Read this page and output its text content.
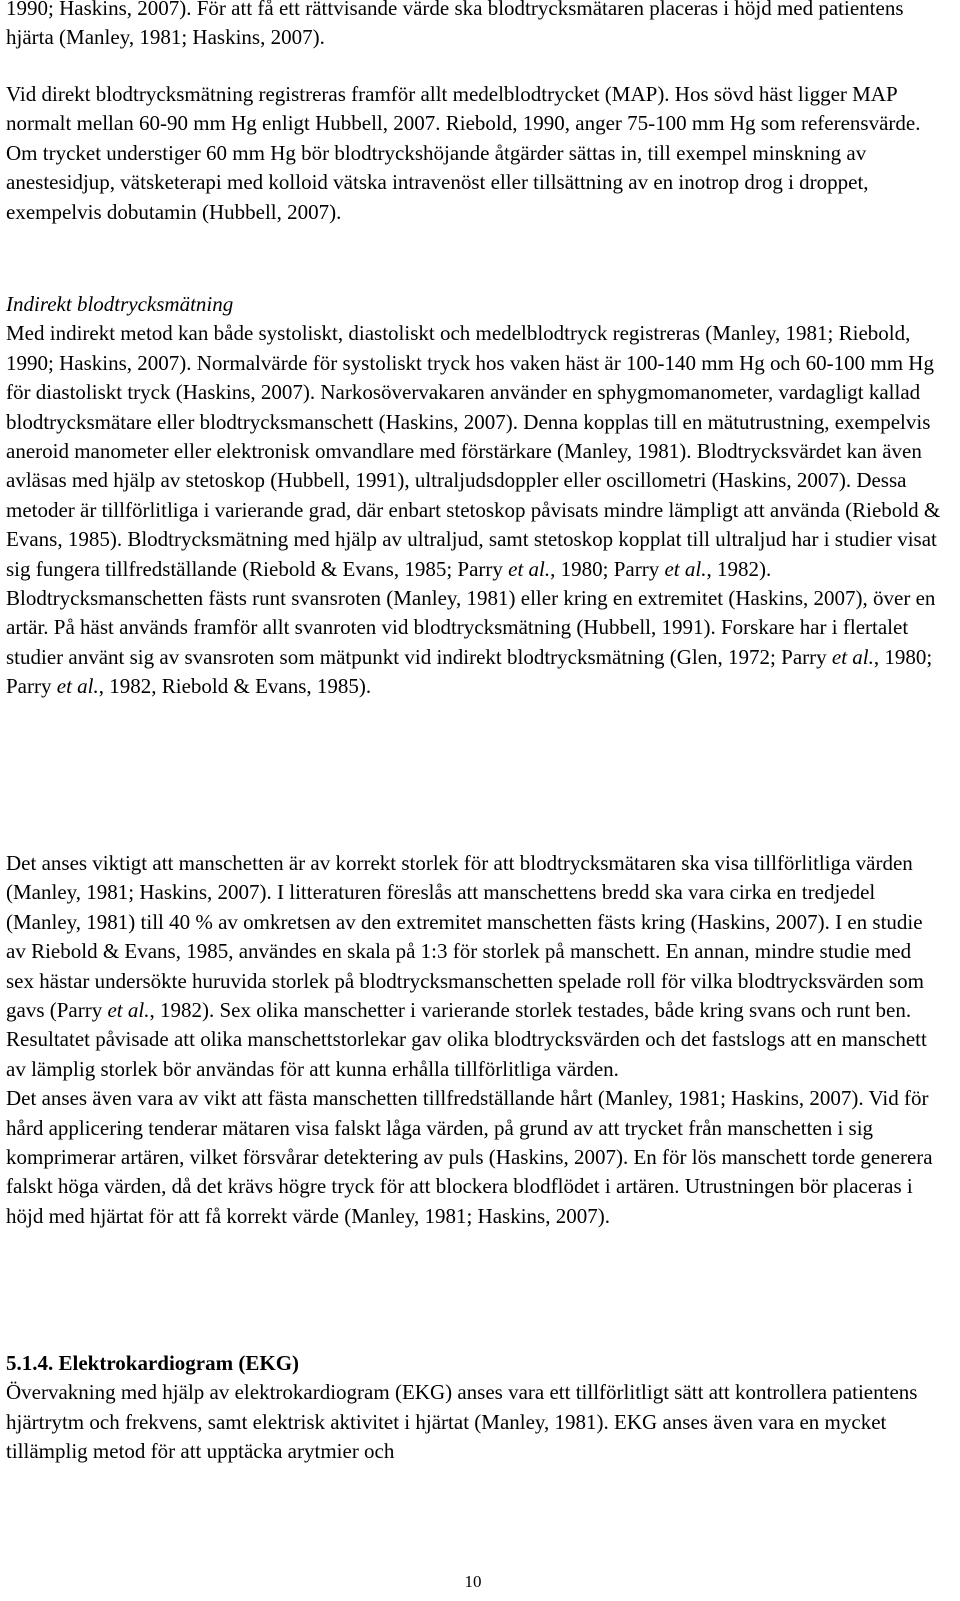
1990; Haskins, 2007). För att få ett rättvisande värde ska blodtrycksmätaren placeras i höjd med patientens hjärta (Manley, 1981; Haskins, 2007).

Vid direkt blodtrycksmätning registreras framför allt medelblodtrycket (MAP). Hos sövd häst ligger MAP normalt mellan 60-90 mm Hg enligt Hubbell, 2007. Riebold, 1990, anger 75-100 mm Hg som referensvärde. Om trycket understiger 60 mm Hg bör blodtryckshöjande åtgärder sättas in, till exempel minskning av anestesidjup, vätsketerapi med kolloid vätska intravenöst eller tillsättning av en inotrop drog i droppet, exempelvis dobutamin (Hubbell, 2007).

Indirekt blodtrycksmätning

Med indirekt metod kan både systoliskt, diastoliskt och medelblodtryck registreras (Manley, 1981; Riebold, 1990; Haskins, 2007). Normalvärde för systoliskt tryck hos vaken häst är 100-140 mm Hg och 60-100 mm Hg för diastoliskt tryck (Haskins, 2007). Narkosövervakaren använder en sphygmomanometer, vardagligt kallad blodtrycksmätare eller blodtrycksmanschett (Haskins, 2007). Denna kopplas till en mätutrustning, exempelvis aneroid manometer eller elektronisk omvandlare med förstärkare (Manley, 1981). Blodtrycksvärdet kan även avläsas med hjälp av stetoskop (Hubbell, 1991), ultraljudsdoppler eller oscillometri (Haskins, 2007). Dessa metoder är tillförlitliga i varierande grad, där enbart stetoskop påvisats mindre lämpligt att använda (Riebold & Evans, 1985). Blodtrycksmätning med hjälp av ultraljud, samt stetoskop kopplat till ultraljud har i studier visat sig fungera tillfredställande (Riebold & Evans, 1985; Parry et al., 1980; Parry et al., 1982).

Blodtrycksmanschetten fästs runt svansroten (Manley, 1981) eller kring en extremitet (Haskins, 2007), över en artär. På häst används framför allt svanroten vid blodtrycksmätning (Hubbell, 1991). Forskare har i flertalet studier använt sig av svansroten som mätpunkt vid indirekt blodtrycksmätning (Glen, 1972; Parry et al., 1980; Parry et al., 1982, Riebold & Evans, 1985).

Det anses viktigt att manschetten är av korrekt storlek för att blodtrycksmätaren ska visa tillförlitliga värden (Manley, 1981; Haskins, 2007). I litteraturen föreslås att manschettens bredd ska vara cirka en tredjedel (Manley, 1981) till 40 % av omkretsen av den extremitet manschetten fästs kring (Haskins, 2007). I en studie av Riebold & Evans, 1985, användes en skala på 1:3 för storlek på manschett. En annan, mindre studie med sex hästar undersökte huruvida storlek på blodtrycksmanschetten spelade roll för vilka blodtrycksvärden som gavs (Parry et al., 1982). Sex olika manschetter i varierande storlek testades, både kring svans och runt ben. Resultatet påvisade att olika manschettstorlekar gav olika blodtrycksvärden och det fastslogs att en manschett av lämplig storlek bör användas för att kunna erhålla tillförlitliga värden.

Det anses även vara av vikt att fästa manschetten tillfredställande hårt (Manley, 1981; Haskins, 2007). Vid för hård applicering tenderar mätaren visa falskt låga värden, på grund av att trycket från manschetten i sig komprimerar artären, vilket försvårar detektering av puls (Haskins, 2007). En för lös manschett torde generera falskt höga värden, då det krävs högre tryck för att blockera blodflödet i artären. Utrustningen bör placeras i höjd med hjärtat för att få korrekt värde (Manley, 1981; Haskins, 2007).

5.1.4. Elektrokardiogram (EKG)

Övervakning med hjälp av elektrokardiogram (EKG) anses vara ett tillförlitligt sätt att kontrollera patientens hjärtrytm och frekvens, samt elektrisk aktivitet i hjärtat (Manley, 1981). EKG anses även vara en mycket tillämplig metod för att upptäcka arytmier och

10
